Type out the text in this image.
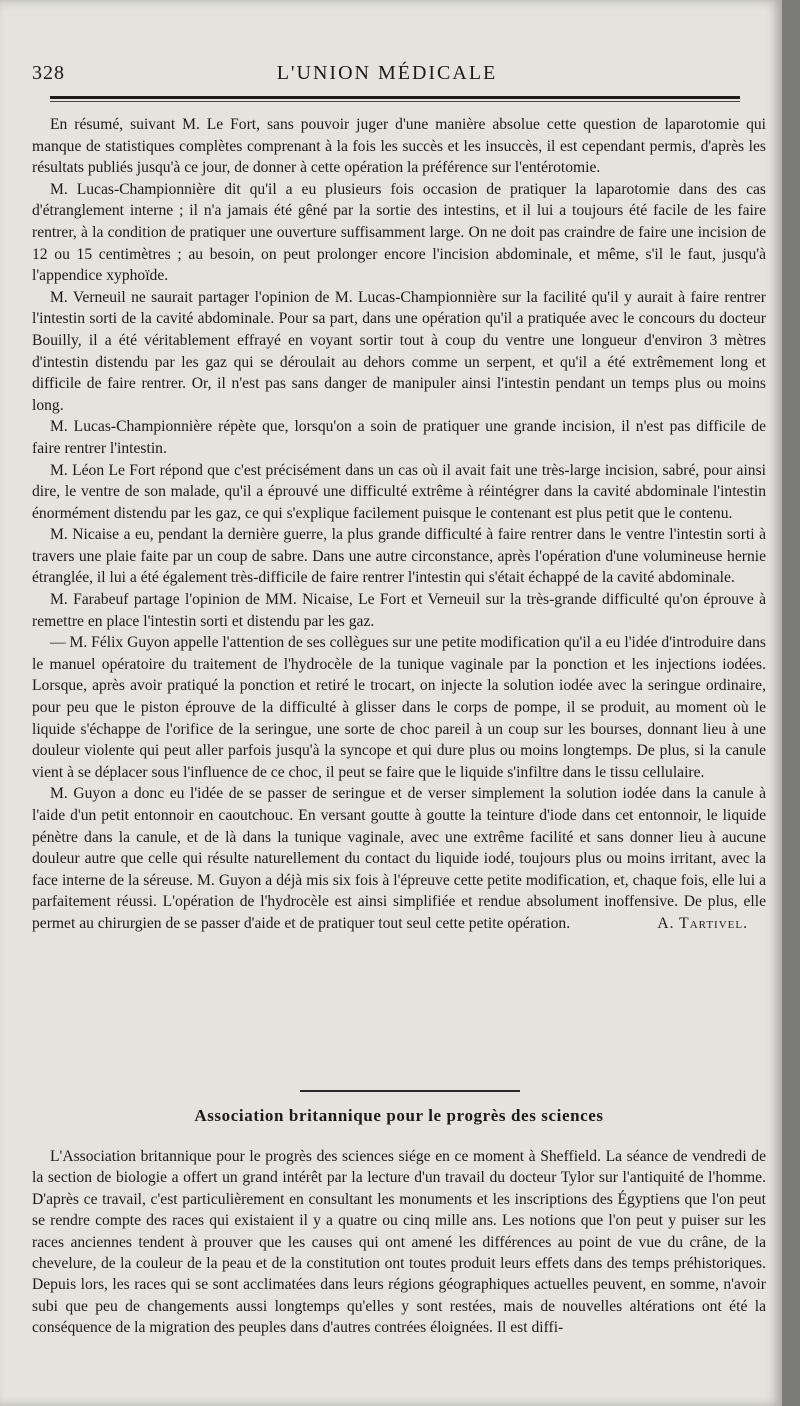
328	L'UNION MÉDICALE

En résumé, suivant M. Le Fort, sans pouvoir juger d'une manière absolue cette question de laparotomie qui manque de statistiques complètes comprenant à la fois les succès et les insuccès, il est cependant permis, d'après les résultats publiés jusqu'à ce jour, de donner à cette opération la préférence sur l'entérotomie.

M. Lucas-Championnière dit qu'il a eu plusieurs fois occasion de pratiquer la laparotomie dans des cas d'étranglement interne ; il n'a jamais été gêné par la sortie des intestins, et il lui a toujours été facile de les faire rentrer, à la condition de pratiquer une ouverture suffisamment large. On ne doit pas craindre de faire une incision de 12 ou 15 centimètres ; au besoin, on peut prolonger encore l'incision abdominale, et même, s'il le faut, jusqu'à l'appendice xyphoïde.

M. Verneuil ne saurait partager l'opinion de M. Lucas-Championnière sur la facilité qu'il y aurait à faire rentrer l'intestin sorti de la cavité abdominale. Pour sa part, dans une opération qu'il a pratiquée avec le concours du docteur Bouilly, il a été véritablement effrayé en voyant sortir tout à coup du ventre une longueur d'environ 3 mètres d'intestin distendu par les gaz qui se déroulait au dehors comme un serpent, et qu'il a été extrêmement long et difficile de faire rentrer. Or, il n'est pas sans danger de manipuler ainsi l'intestin pendant un temps plus ou moins long.

M. Lucas-Championnière répète que, lorsqu'on a soin de pratiquer une grande incision, il n'est pas difficile de faire rentrer l'intestin.

M. Léon Le Fort répond que c'est précisément dans un cas où il avait fait une très-large incision, sabré, pour ainsi dire, le ventre de son malade, qu'il a éprouvé une difficulté extrême à réintégrer dans la cavité abdominale l'intestin énormément distendu par les gaz, ce qui s'explique facilement puisque le contenant est plus petit que le contenu.

M. Nicaise a eu, pendant la dernière guerre, la plus grande difficulté à faire rentrer dans le ventre l'intestin sorti à travers une plaie faite par un coup de sabre. Dans une autre circonstance, après l'opération d'une volumineuse hernie étranglée, il lui a été également très-difficile de faire rentrer l'intestin qui s'était échappé de la cavité abdominale.

M. Farabeuf partage l'opinion de MM. Nicaise, Le Fort et Verneuil sur la très-grande difficulté qu'on éprouve à remettre en place l'intestin sorti et distendu par les gaz.

— M. Félix Guyon appelle l'attention de ses collègues sur une petite modification qu'il a eu l'idée d'introduire dans le manuel opératoire du traitement de l'hydrocèle de la tunique vaginale par la ponction et les injections iodées. Lorsque, après avoir pratiqué la ponction et retiré le trocart, on injecte la solution iodée avec la seringue ordinaire, pour peu que le piston éprouve de la difficulté à glisser dans le corps de pompe, il se produit, au moment où le liquide s'échappe de l'orifice de la seringue, une sorte de choc pareil à un coup sur les bourses, donnant lieu à une douleur violente qui peut aller parfois jusqu'à la syncope et qui dure plus ou moins longtemps. De plus, si la canule vient à se déplacer sous l'influence de ce choc, il peut se faire que le liquide s'infiltre dans le tissu cellulaire.

M. Guyon a donc eu l'idée de se passer de seringue et de verser simplement la solution iodée dans la canule à l'aide d'un petit entonnoir en caoutchouc. En versant goutte à goutte la teinture d'iode dans cet entonnoir, le liquide pénètre dans la canule, et de là dans la tunique vaginale, avec une extrême facilité et sans donner lieu à aucune douleur autre que celle qui résulte naturellement du contact du liquide iodé, toujours plus ou moins irritant, avec la face interne de la séreuse. M. Guyon a déjà mis six fois à l'épreuve cette petite modification, et, chaque fois, elle lui a parfaitement réussi. L'opération de l'hydrocèle est ainsi simplifiée et rendue absolument inoffensive. De plus, elle permet au chirurgien de se passer d'aide et de pratiquer tout seul cette petite opération.	A. Tartivel.

Association britannique pour le progrès des sciences

L'Association britannique pour le progrès des sciences siége en ce moment à Sheffield. La séance de vendredi de la section de biologie a offert un grand intérêt par la lecture d'un travail du docteur Tylor sur l'antiquité de l'homme. D'après ce travail, c'est particulièrement en consultant les monuments et les inscriptions des Égyptiens que l'on peut se rendre compte des races qui existaient il y a quatre ou cinq mille ans. Les notions que l'on peut y puiser sur les races anciennes tendent à prouver que les causes qui ont amené les différences au point de vue du crâne, de la chevelure, de la couleur de la peau et de la constitution ont toutes produit leurs effets dans des temps préhistoriques. Depuis lors, les races qui se sont acclimatées dans leurs régions géographiques actuelles peuvent, en somme, n'avoir subi que peu de changements aussi longtemps qu'elles y sont restées, mais de nouvelles altérations ont été la conséquence de la migration des peuples dans d'autres contrées éloignées. Il est diffi-
